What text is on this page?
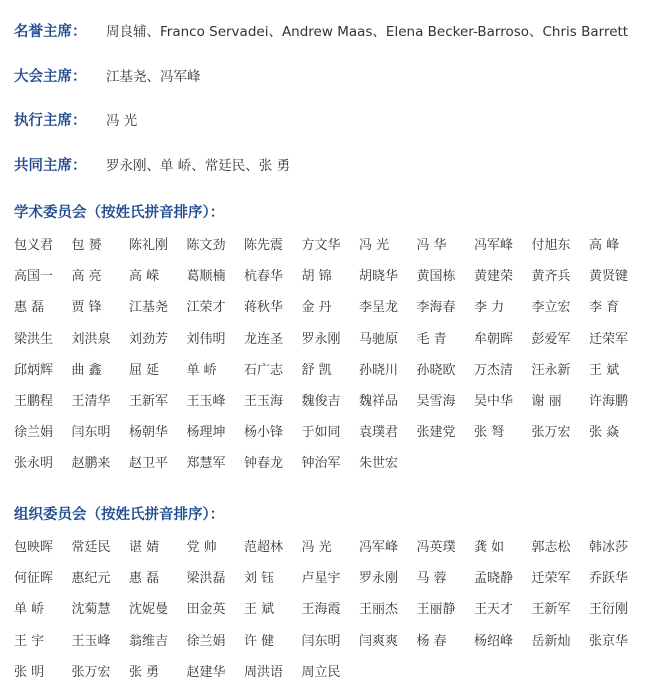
名誉主席：	周良辅、Franco Servadei、Andrew Maas、Elena Becker-Barroso、Chris Barrett
大会主席：	江基尧、冯军峰
执行主席：	冯 光
共同主席：	罗永刚、单 峤、常廷民、张 勇
学术委员会（按姓氏拼音排序）：
包义君	包 赟	陈礼刚	陈文劲	陈先震	方文华	冯 光	冯 华	冯军峰	付旭东	高 峰
高国一	高 亮	高 嵘	葛顺楠	杭春华	胡 锦	胡晓华	黄国栋	黄建荣	黄齐兵	黄贤键
惠 磊	贾 锋	江基尧	江荣才	蒋秋华	金 丹	李呈龙	李海春	李 力	李立宏	李 育
梁洪生	刘洪泉	刘劲芳	刘伟明	龙连圣	罗永刚	马驰原	毛 青	牟朝晖	彭爱军	迁荣军
邱炳辉	曲 鑫	屈 延	单 峤	石广志	舒 凯	孙晓川	孙晓欧	万杰清	汪永新	王 斌
王鹏程	王清华	王新军	王玉峰	王玉海	魏俊吉	魏祥品	吴雪海	吴中华	谢 丽	许海鹏
徐兰娟	闫东明	杨朝华	杨理坤	杨小锋	于如同	袁璞君	张建党	张 弩	张万宏	张 焱
张永明	赵鹏来	赵卫平	郑慧军	钟春龙	钟治军	朱世宏
组织委员会（按姓氏拼音排序）：
包映晖	常廷民	谌 婧	党 帅	范超林	冯 光	冯军峰	冯英璞	龚 如	郭志松	韩冰莎
何征晖	惠纪元	惠 磊	梁洪磊	刘 钰	卢星宇	罗永刚	马 蓉	孟晓静	迁荣军	乔跃华
单 峤	沈菊慧	沈妮曼	田金英	王 斌	王海霞	王丽杰	王丽静	王天才	王新军	王衍刚
王 宇	王玉峰	翁维吉	徐兰娟	许 健	闫东明	闫爽爽	杨 春	杨绍峰	岳新灿	张京华
张 明	张万宏	张 勇	赵建华	周洪语	周立民
